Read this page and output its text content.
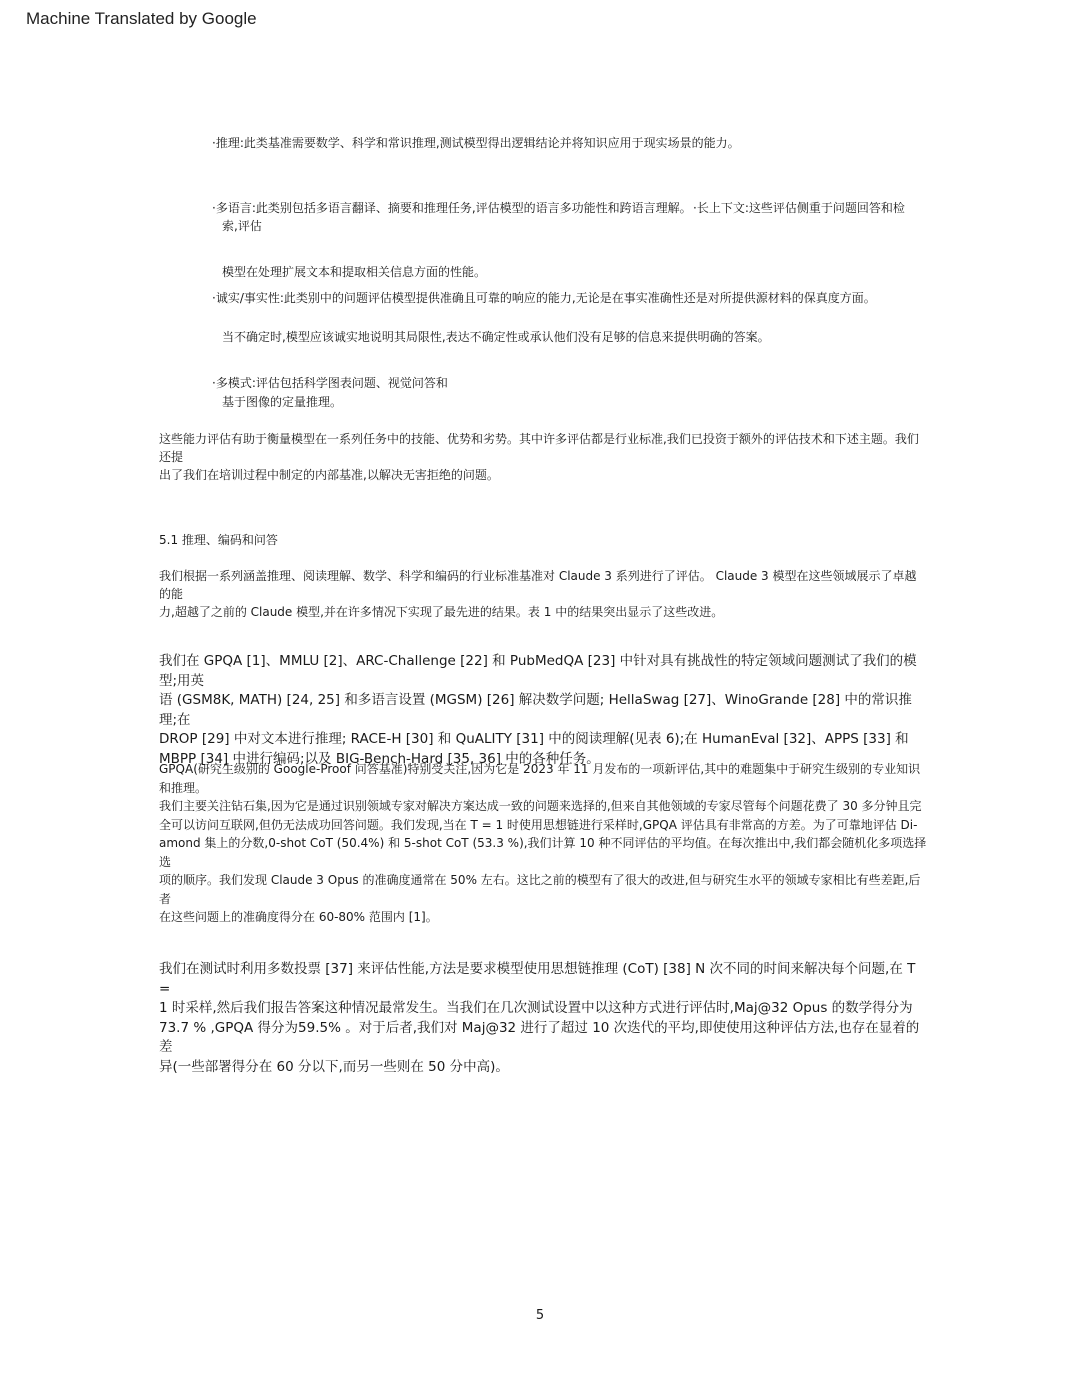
Machine Translated by Google

·推理:此类基准需要数学、科学和常识推理,测试模型得出逻辑结论并将知识应用于现实场景的能力。

·多语言:此类别包括多语言翻译、摘要和推理任务,评估模型的语言多功能性和跨语言理解。 ·长上下文:这些评估侧重于问题回答和检

索,评估

模型在处理扩展文本和提取相关信息方面的性能。

·诚实/事实性:此类别中的问题评估模型提供准确且可靠的响应的能力,无论是在事实准确性还是对所提供源材料的保真度方面。

当不确定时,模型应该诚实地说明其局限性,表达不确定性或承认他们没有足够的信息来提供明确的答案。

·多模式:评估包括科学图表问题、视觉问答和

基于图像的定量推理。

这些能力评估有助于衡量模型在一系列任务中的技能、优势和劣势。其中许多评估都是行业标准,我们已投资于额外的评估技术和下述主题。我们还提
出了我们在培训过程中制定的内部基准,以解决无害拒绝的问题。

5.1 推理、编码和问答

我们根据一系列涵盖推理、阅读理解、数学、科学和编码的行业标准基准对 Claude 3 系列进行了评估。 Claude 3 模型在这些领域展示了卓越的能
力,超越了之前的 Claude 模型,并在许多情况下实现了最先进的结果。表 1 中的结果突出显示了这些改进。

我们在 GPQA [1]、MMLU [2]、ARC-Challenge [22] 和 PubMedQA [23] 中针对具有挑战性的特定领域问题测试了我们的模型;用英
语 (GSM8K, MATH) [24, 25] 和多语言设置 (MGSM) [26] 解决数学问题; HellaSwag [27]、WinoGrande [28] 中的常识推理;在
DROP [29] 中对文本进行推理; RACE-H [30] 和 QuALITY [31] 中的阅读理解(见表 6);在 HumanEval [32]、APPS [33] 和
MBPP [34] 中进行编码;以及 BIG-Bench-Hard [35, 36] 中的各种任务。

GPQA(研究生级别的 Google-Proof 问答基准)特别受关注,因为它是 2023 年 11 月发布的一项新评估,其中的难题集中于研究生级别的专业知识
和推理。
我们主要关注钻石集,因为它是通过识别领域专家对解决方案达成一致的问题来选择的,但来自其他领域的专家尽管每个问题花费了 30 多分钟且完
全可以访问互联网,但仍无法成功回答问题。我们发现,当在 T = 1 时使用思想链进行采样时,GPQA 评估具有非常高的方差。为了可靠地评估 Di-
amond 集上的分数,0-shot CoT (50.4%) 和 5-shot CoT (53.3 %),我们计算 10 种不同评估的平均值。在每次推出中,我们都会随机化多项选择选
项的顺序。我们发现 Claude 3 Opus 的准确度通常在 50% 左右。这比之前的模型有了很大的改进,但与研究生水平的领域专家相比有些差距,后者
在这些问题上的准确度得分在 60-80% 范围内 [1]。

我们在测试时利用多数投票 [37] 来评估性能,方法是要求模型使用思想链推理 (CoT) [38] N 次不同的时间来解决每个问题,在 T =
1 时采样,然后我们报告答案这种情况最常发生。当我们在几次测试设置中以这种方式进行评估时,Maj@32 Opus 的数学得分为
73.7 % ,GPQA 得分为59.5% 。对于后者,我们对 Maj@32 进行了超过 10 次迭代的平均,即使使用这种评估方法,也存在显着的差
异(一些部署得分在 60 分以下,而另一些则在 50 分中高)。

5
